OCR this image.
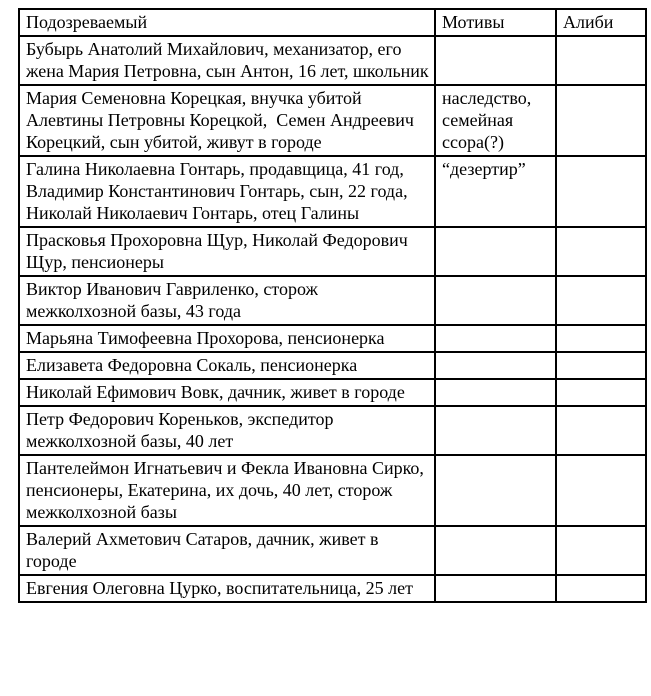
Подозреваемый	Мотивы	Алиби
Бубырь Анатолий Михайлович, механизатор, его жена Мария Петровна, сын Антон, 16 лет, школьник		
Мария Семеновна Корецкая, внучка убитой Алевтины Петровны Корецкой,  Семен Андреевич Корецкий, сын убитой, живут в городе	наследство, семейная ссора(?)	
Галина Николаевна Гонтарь, продавщица, 41 год, Владимир Константинович Гонтарь, сын, 22 года, Николай Николаевич Гонтарь, отец Галины	“дезертир”	
Прасковья Прохоровна Щур, Николай Федорович Щур, пенсионеры		
Виктор Иванович Гавриленко, сторож межколхозной базы, 43 года		
Марьяна Тимофеевна Прохорова, пенсионерка		
Елизавета Федоровна Сокаль, пенсионерка		
Николай Ефимович Вовк, дачник, живет в городе		
Петр Федорович Кореньков, экспедитор межколхозной базы, 40 лет		
Пантелеймон Игнатьевич и Фекла Ивановна Сирко, пенсионеры, Екатерина, их дочь, 40 лет, сторож межколхозной базы		
Валерий Ахметович Сатаров, дачник, живет в городе		
Евгения Олеговна Цурко, воспитательница, 25 лет		
